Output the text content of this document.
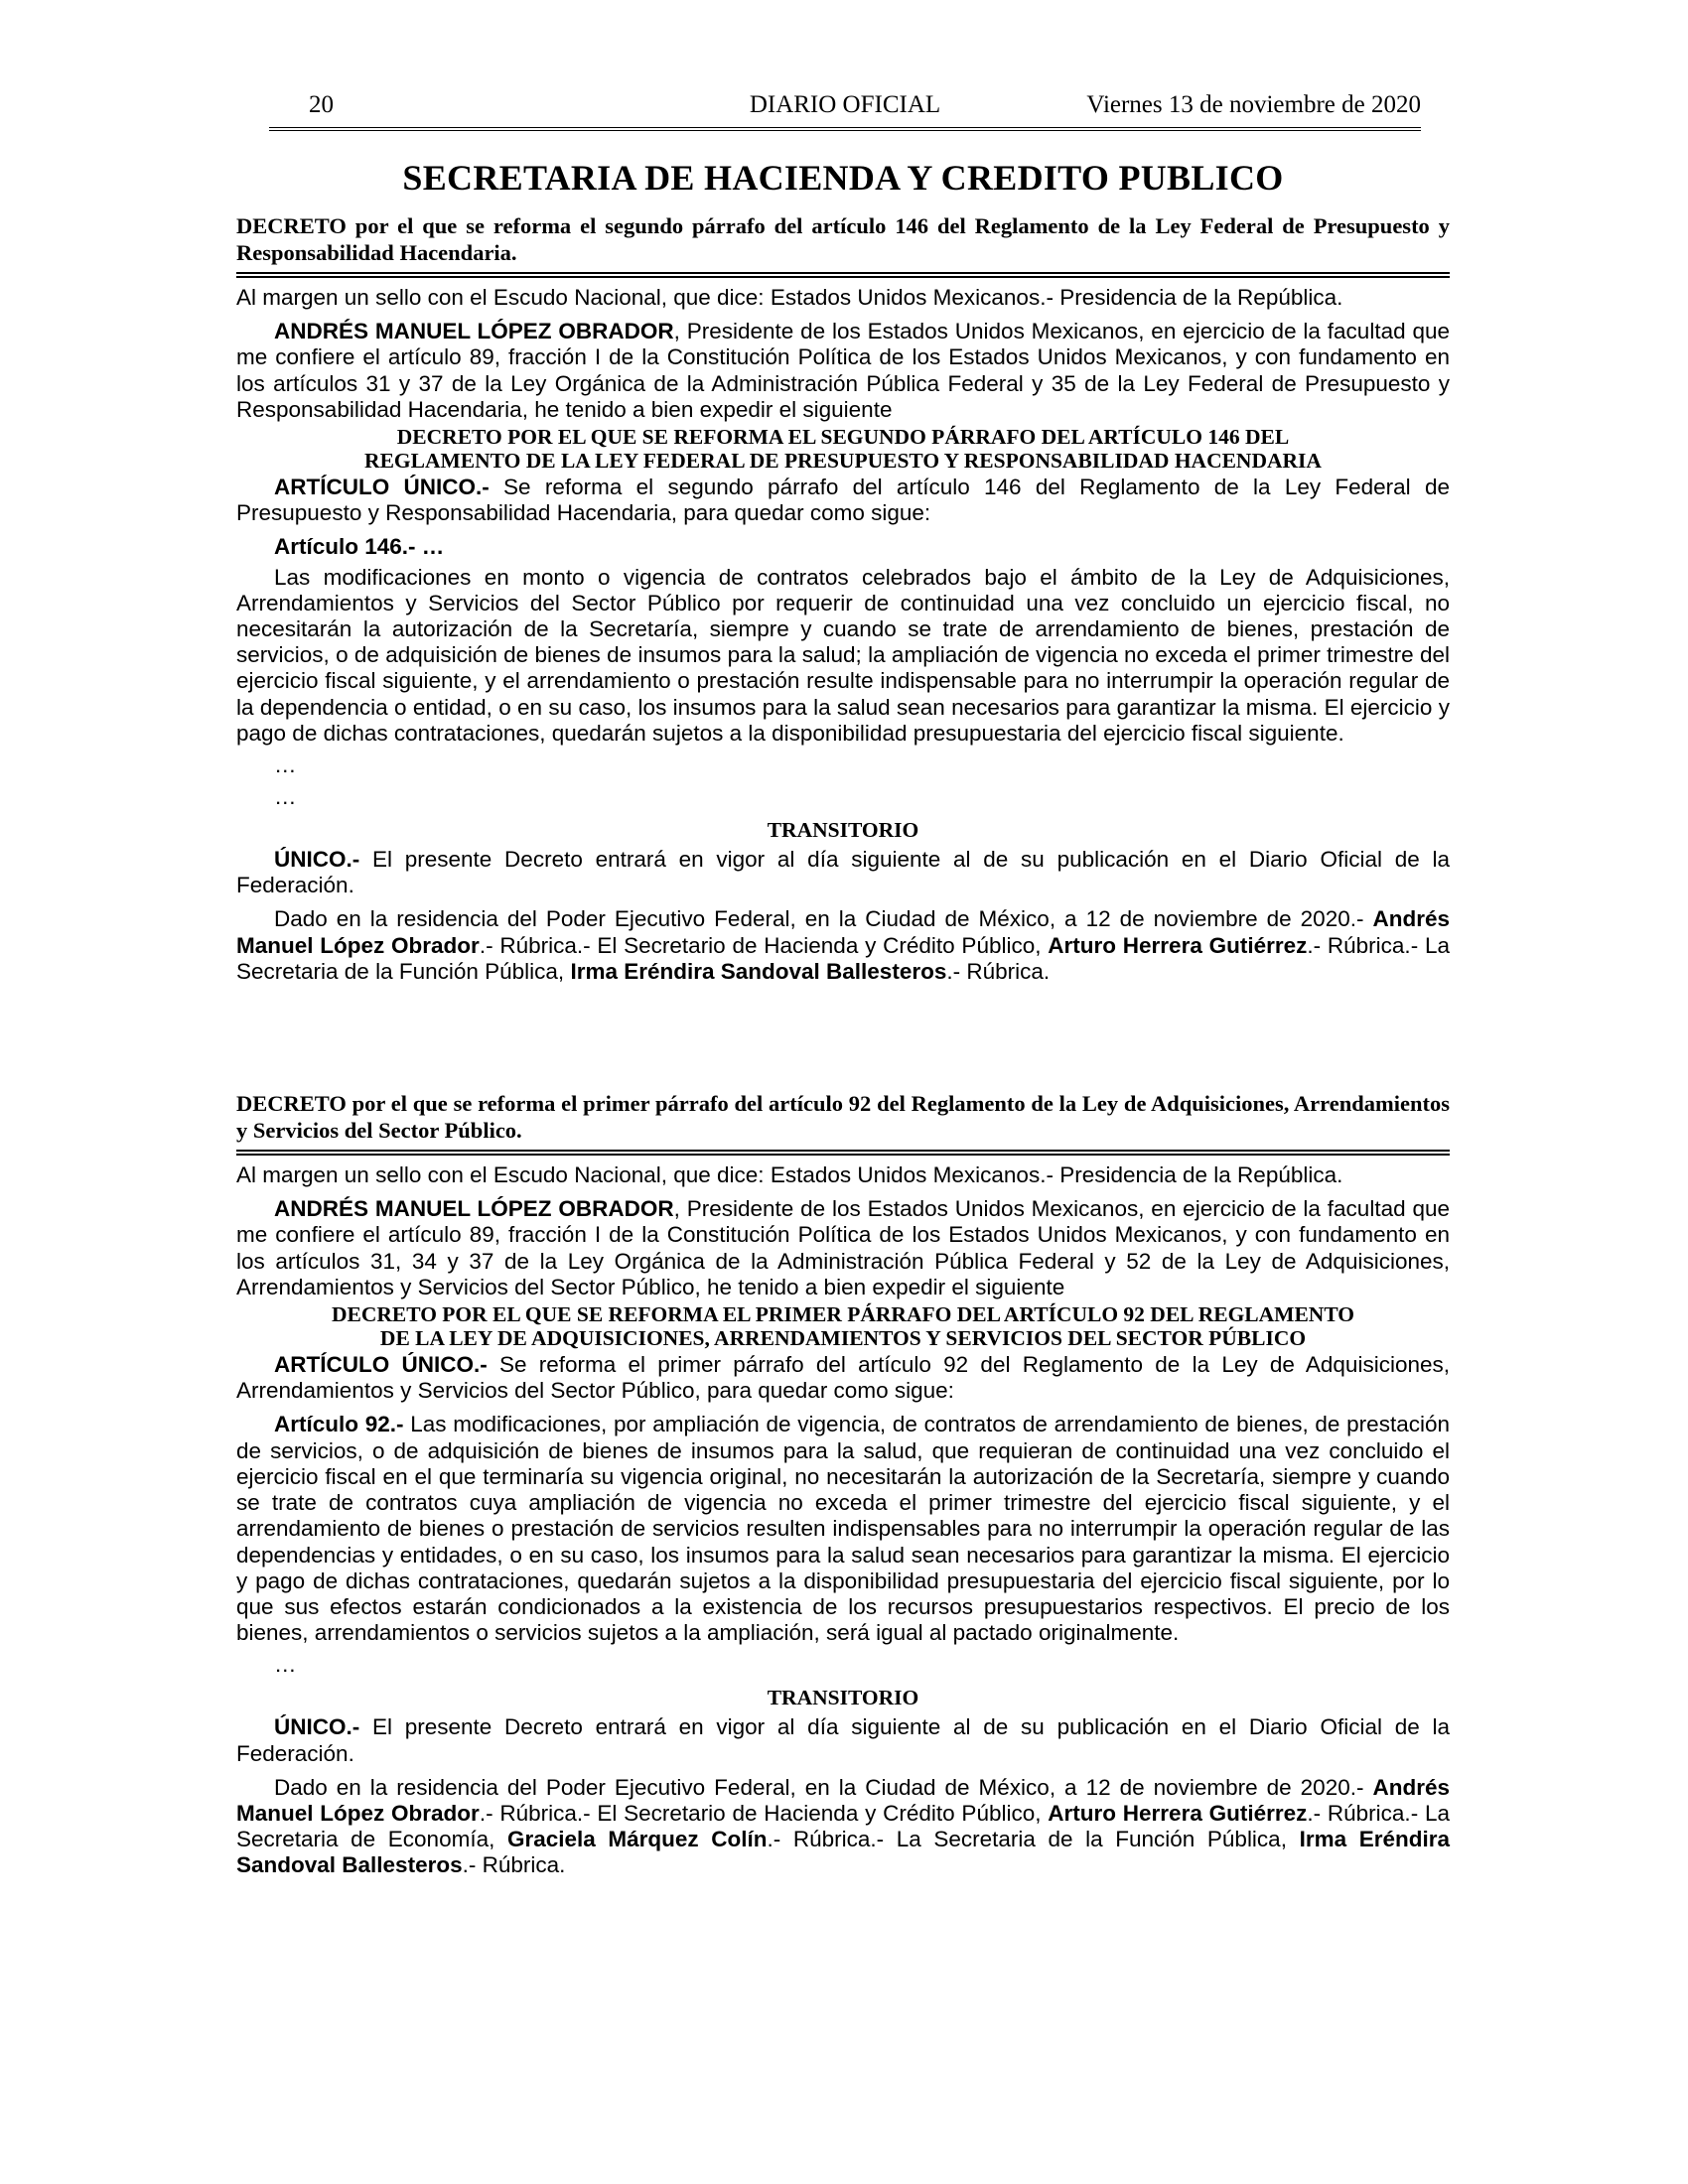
20	DIARIO OFICIAL	Viernes 13 de noviembre de 2020
SECRETARIA DE HACIENDA Y CREDITO PUBLICO
DECRETO por el que se reforma el segundo párrafo del artículo 146 del Reglamento de la Ley Federal de Presupuesto y Responsabilidad Hacendaria.

Al margen un sello con el Escudo Nacional, que dice: Estados Unidos Mexicanos.- Presidencia de la República.

ANDRÉS MANUEL LÓPEZ OBRADOR, Presidente de los Estados Unidos Mexicanos, en ejercicio de la facultad que me confiere el artículo 89, fracción I de la Constitución Política de los Estados Unidos Mexicanos, y con fundamento en los artículos 31 y 37 de la Ley Orgánica de la Administración Pública Federal y 35 de la Ley Federal de Presupuesto y Responsabilidad Hacendaria, he tenido a bien expedir el siguiente

DECRETO POR EL QUE SE REFORMA EL SEGUNDO PÁRRAFO DEL ARTÍCULO 146 DEL
REGLAMENTO DE LA LEY FEDERAL DE PRESUPUESTO Y RESPONSABILIDAD HACENDARIA

ARTÍCULO ÚNICO.- Se reforma el segundo párrafo del artículo 146 del Reglamento de la Ley Federal de Presupuesto y Responsabilidad Hacendaria, para quedar como sigue:

Artículo 146.- …

Las modificaciones en monto o vigencia de contratos celebrados bajo el ámbito de la Ley de Adquisiciones, Arrendamientos y Servicios del Sector Público por requerir de continuidad una vez concluido un ejercicio fiscal, no necesitarán la autorización de la Secretaría, siempre y cuando se trate de arrendamiento de bienes, prestación de servicios, o de adquisición de bienes de insumos para la salud; la ampliación de vigencia no exceda el primer trimestre del ejercicio fiscal siguiente, y el arrendamiento o prestación resulte indispensable para no interrumpir la operación regular de la dependencia o entidad, o en su caso, los insumos para la salud sean necesarios para garantizar la misma. El ejercicio y pago de dichas contrataciones, quedarán sujetos a la disponibilidad presupuestaria del ejercicio fiscal siguiente.

…
…
TRANSITORIO

ÚNICO.- El presente Decreto entrará en vigor al día siguiente al de su publicación en el Diario Oficial de la Federación.

Dado en la residencia del Poder Ejecutivo Federal, en la Ciudad de México, a 12 de noviembre de 2020.- Andrés Manuel López Obrador.- Rúbrica.- El Secretario de Hacienda y Crédito Público, Arturo Herrera Gutiérrez.- Rúbrica.- La Secretaria de la Función Pública, Irma Eréndira Sandoval Ballesteros.- Rúbrica.

DECRETO por el que se reforma el primer párrafo del artículo 92 del Reglamento de la Ley de Adquisiciones, Arrendamientos y Servicios del Sector Público.

Al margen un sello con el Escudo Nacional, que dice: Estados Unidos Mexicanos.- Presidencia de la República.

ANDRÉS MANUEL LÓPEZ OBRADOR, Presidente de los Estados Unidos Mexicanos, en ejercicio de la facultad que me confiere el artículo 89, fracción I de la Constitución Política de los Estados Unidos Mexicanos, y con fundamento en los artículos 31, 34 y 37 de la Ley Orgánica de la Administración Pública Federal y 52 de la Ley de Adquisiciones, Arrendamientos y Servicios del Sector Público, he tenido a bien expedir el siguiente

DECRETO POR EL QUE SE REFORMA EL PRIMER PÁRRAFO DEL ARTÍCULO 92 DEL REGLAMENTO
DE LA LEY DE ADQUISICIONES, ARRENDAMIENTOS Y SERVICIOS DEL SECTOR PÚBLICO

ARTÍCULO ÚNICO.- Se reforma el primer párrafo del artículo 92 del Reglamento de la Ley de Adquisiciones, Arrendamientos y Servicios del Sector Público, para quedar como sigue:

Artículo 92.- Las modificaciones, por ampliación de vigencia, de contratos de arrendamiento de bienes, de prestación de servicios, o de adquisición de bienes de insumos para la salud, que requieran de continuidad una vez concluido el ejercicio fiscal en el que terminaría su vigencia original, no necesitarán la autorización de la Secretaría, siempre y cuando se trate de contratos cuya ampliación de vigencia no exceda el primer trimestre del ejercicio fiscal siguiente, y el arrendamiento de bienes o prestación de servicios resulten indispensables para no interrumpir la operación regular de las dependencias y entidades, o en su caso, los insumos para la salud sean necesarios para garantizar la misma. El ejercicio y pago de dichas contrataciones, quedarán sujetos a la disponibilidad presupuestaria del ejercicio fiscal siguiente, por lo que sus efectos estarán condicionados a la existencia de los recursos presupuestarios respectivos. El precio de los bienes, arrendamientos o servicios sujetos a la ampliación, será igual al pactado originalmente.

…
TRANSITORIO

ÚNICO.- El presente Decreto entrará en vigor al día siguiente al de su publicación en el Diario Oficial de la Federación.

Dado en la residencia del Poder Ejecutivo Federal, en la Ciudad de México, a 12 de noviembre de 2020.- Andrés Manuel López Obrador.- Rúbrica.- El Secretario de Hacienda y Crédito Público, Arturo Herrera Gutiérrez.- Rúbrica.- La Secretaria de Economía, Graciela Márquez Colín.- Rúbrica.- La Secretaria de la Función Pública, Irma Eréndira Sandoval Ballesteros.- Rúbrica.
